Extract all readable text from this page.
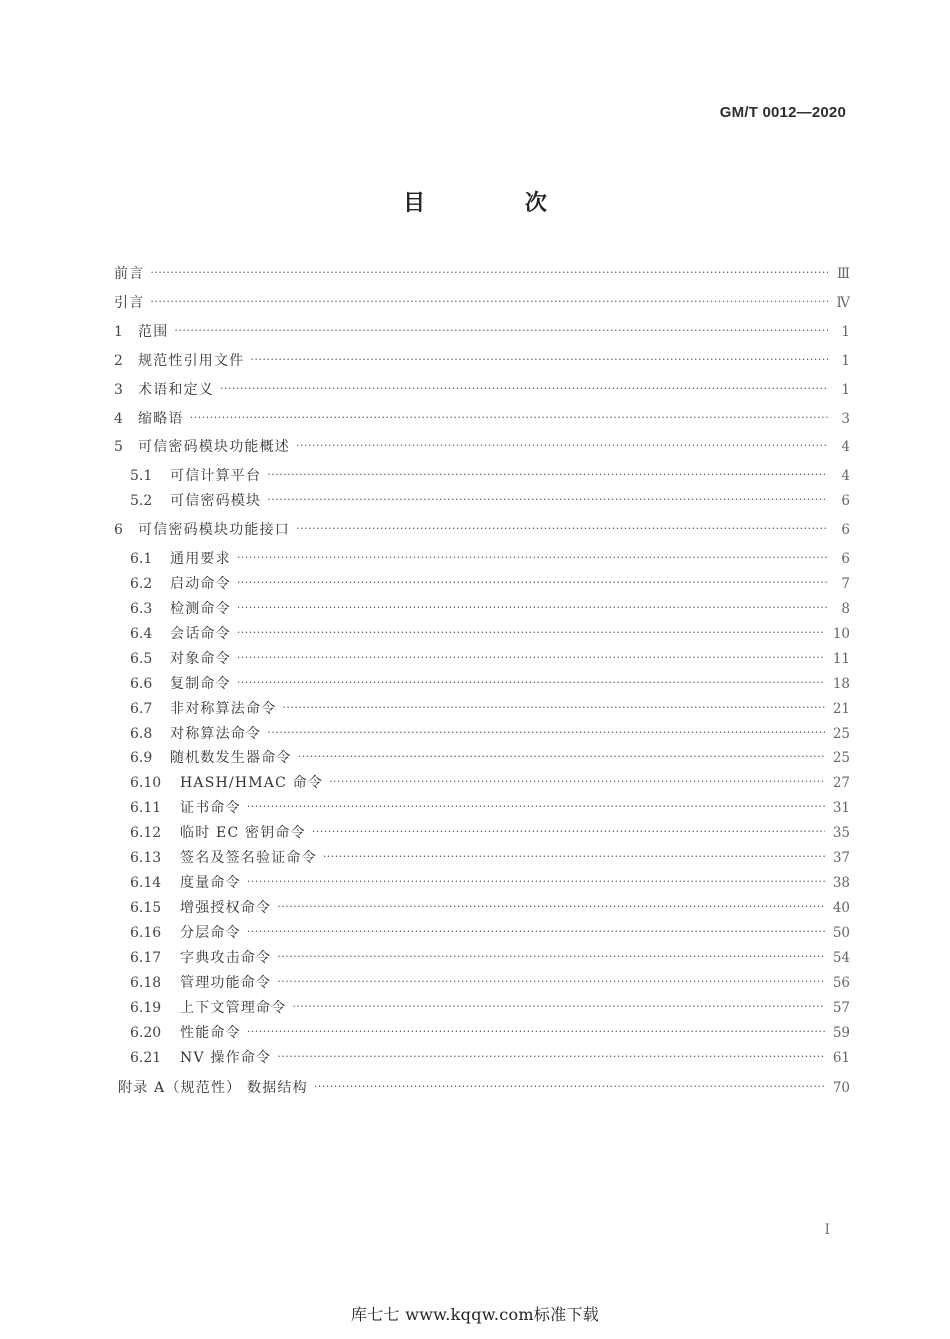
GM/T 0012—2020
目 次
前言 ·····	Ⅲ
引言 ·····	Ⅳ
1	范围 ·····	1
2	规范性引用文件 ·····	1
3	术语和定义 ·····	1
4	缩略语 ·····	3
5	可信密码模块功能概述 ·····	4
5.1	可信计算平台 ·····	4
5.2	可信密码模块 ·····	6
6	可信密码模块功能接口 ·····	6
6.1	通用要求 ·····	6
6.2	启动命令 ·····	7
6.3	检测命令 ·····	8
6.4	会话命令 ·····	10
6.5	对象命令 ·····	11
6.6	复制命令 ·····	18
6.7	非对称算法命令 ·····	21
6.8	对称算法命令 ·····	25
6.9	随机数发生器命令 ·····	25
6.10	HASH/HMAC 命令 ·····	27
6.11	证书命令 ·····	31
6.12	临时 EC 密钥命令 ·····	35
6.13	签名及签名验证命令 ·····	37
6.14	度量命令 ·····	38
6.15	增强授权命令 ·····	40
6.16	分层命令 ·····	50
6.17	字典攻击命令 ·····	54
6.18	管理功能命令 ·····	56
6.19	上下文管理命令 ·····	57
6.20	性能命令 ·····	59
6.21	NV 操作命令 ·····	61
附录 A（规范性） 数据结构 ·····	70
I
库七七 www.kqqw.com标准下载
